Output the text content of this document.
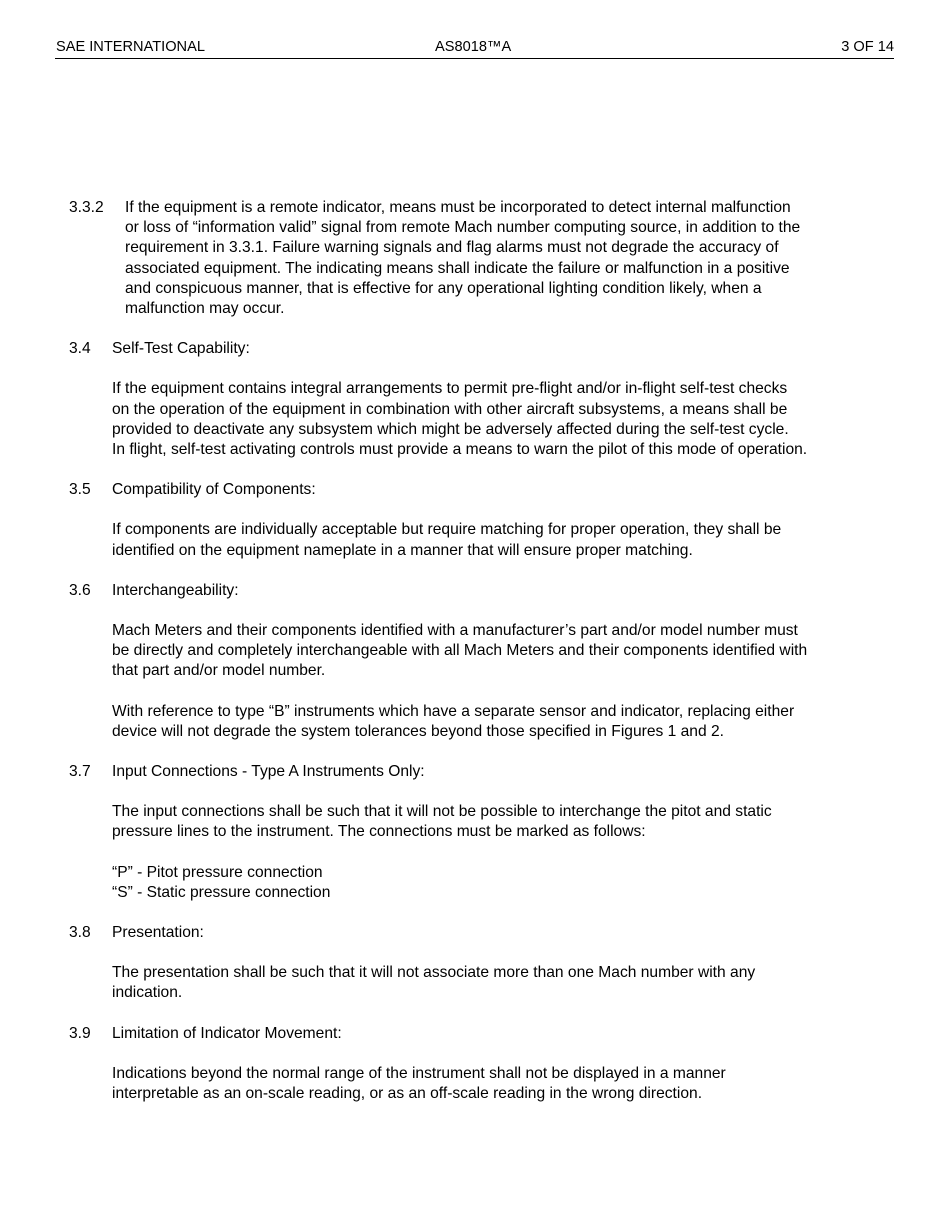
SAE INTERNATIONAL	AS8018™A	3 OF 14
3.3.2 If the equipment is a remote indicator, means must be incorporated to detect internal malfunction
or loss of “information valid” signal from remote Mach number computing source, in addition to the
requirement in 3.3.1. Failure warning signals and flag alarms must not degrade the accuracy of
associated equipment. The indicating means shall indicate the failure or malfunction in a positive
and conspicuous manner, that is effective for any operational lighting condition likely, when a
malfunction may occur.
3.4 Self-Test Capability:
If the equipment contains integral arrangements to permit pre-flight and/or in-flight self-test checks
on the operation of the equipment in combination with other aircraft subsystems, a means shall be
provided to deactivate any subsystem which might be adversely affected during the self-test cycle.
In flight, self-test activating controls must provide a means to warn the pilot of this mode of operation.
3.5 Compatibility of Components:
If components are individually acceptable but require matching for proper operation, they shall be
identified on the equipment nameplate in a manner that will ensure proper matching.
3.6 Interchangeability:
Mach Meters and their components identified with a manufacturer’s part and/or model number must
be directly and completely interchangeable with all Mach Meters and their components identified with
that part and/or model number.
With reference to type “B” instruments which have a separate sensor and indicator, replacing either
device will not degrade the system tolerances beyond those specified in Figures 1 and 2.
3.7 Input Connections - Type A Instruments Only:
The input connections shall be such that it will not be possible to interchange the pitot and static
pressure lines to the instrument. The connections must be marked as follows:
“P” - Pitot pressure connection
“S” - Static pressure connection
3.8 Presentation:
The presentation shall be such that it will not associate more than one Mach number with any
indication.
3.9 Limitation of Indicator Movement:
Indications beyond the normal range of the instrument shall not be displayed in a manner
interpretable as an on-scale reading, or as an off-scale reading in the wrong direction.
